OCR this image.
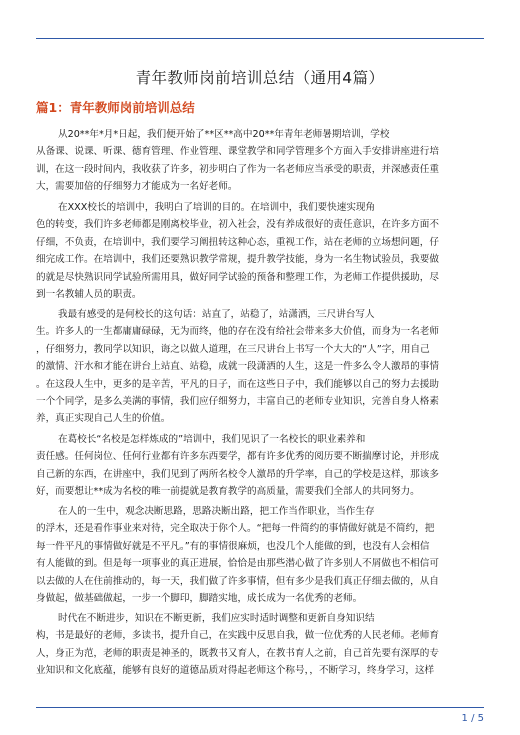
青年教师岗前培训总结（通用4篇）
篇1：青年教师岗前培训总结
从20**年*月*日起，我们便开始了**区**高中20**年青年老师暑期培训，学校
从备课、说课、听课、德育管理、作业管理、课堂教学和同学管理多个方面入手安排讲座进行培
训，在这一段时间内，我收获了许多，初步明白了作为一名老师应当承受的职责，并深感责任重
大，需要加倍的仔细努力才能成为一名好老师。
在XXX校长的培训中，我明白了培训的目的。在培训中，我们要快速实现角
色的转变，我们许多老师都是刚离校毕业，初入社会，没有养成很好的责任意识，在许多方面不
仔细，不负责，在培训中，我们要学习阐扭转这种心态，重视工作，站在老师的立场想问题，仔
细完成工作。在培训中，我们还要熟识教学常规，提升教学技能，身为一名生物试验员，我要做
的就是尽快熟识同学试验所需用具，做好同学试验的预备和整理工作，为老师工作提供援助，尽
到一名教辅人员的职责。
我最有感受的是何校长的这句话：站直了，站稳了，站潇洒，三尺讲台写人
生。许多人的一生都庸庸碌碌，无为而终，他的存在没有给社会带来多大价值，而身为一名老师
，仔细努力，教同学以知识，诲之以做人道理，在三尺讲台上书写一个大大的“人”字，用自己
的激情、汗水和才能在讲台上站直、站稳，成就一段潇洒的人生，这是一件多么令人激昂的事情
。在这段人生中，更多的是辛苦，平凡的日子，而在这些日子中，我们能够以自己的努力去援助
一个个同学，是多么美满的事情，我们应仔细努力，丰富自己的老师专业知识，完善自身人格素
养，真正实现自己人生的价值。
在葛校长“名校是怎样炼成的”培训中，我们见识了一名校长的职业素养和
责任感。任何岗位、任何行业都有许多东西要学，都有许多优秀的阅历要不断揣摩讨论，并形成
自己新的东西，在讲座中，我们见到了两所名校令人激昂的升学率，自己的学校是这样，那该多
好，而要想让**成为名校的唯一前提就是教育教学的高质量，需要我们全部人的共同努力。
在人的一生中，观念决断思路，思路决断出路，把工作当作职业，当作生存
的浮木，还是看作事业来对待，完全取决于你个人。“把每一件简约的事情做好就是不简约，把
每一件平凡的事情做好就是不平凡。”有的事情很麻烦，也没几个人能做的到，也没有人会相信
有人能做的到。但是每一项事业的真正进展，恰恰是由那些潜心做了许多别人不屑做也不相信可
以去做的人在住前推动的，每一天，我们做了许多事情，但有多少是我们真正仔细去做的，从自
身做起，做基础做起，一步一个脚印，脚踏实地，成长成为一名优秀的老师。
时代在不断进步，知识在不断更新，我们应实时适时调整和更新自身知识结
构，书是最好的老师，多读书，提升自己，在实践中反思自我，做一位优秀的人民老师。老师育
人，身正为范，老师的职责是神圣的，既教书又育人，在教书育人之前，自己首先要有深厚的专
业知识和文化底蕴，能够有良好的道德品质对得起老师这个称号，，不断学习，终身学习，这样
1 / 5
